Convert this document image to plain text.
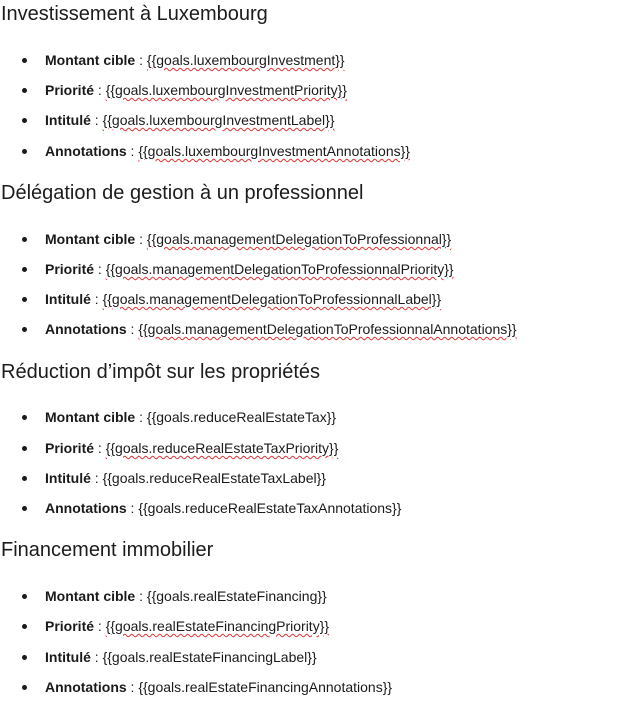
Investissement à Luxembourg
Montant cible : {{goals.luxembourgInvestment}}
Priorité : {{goals.luxembourgInvestmentPriority}}
Intitulé : {{goals.luxembourgInvestmentLabel}}
Annotations : {{goals.luxembourgInvestmentAnnotations}}
Délégation de gestion à un professionnel
Montant cible : {{goals.managementDelegationToProfessionnal}}
Priorité : {{goals.managementDelegationToProfessionnalPriority}}
Intitulé : {{goals.managementDelegationToProfessionnalLabel}}
Annotations : {{goals.managementDelegationToProfessionnalAnnotations}}
Réduction d’impôt sur les propriétés
Montant cible : {{goals.reduceRealEstateTax}}
Priorité : {{goals.reduceRealEstateTaxPriority}}
Intitulé : {{goals.reduceRealEstateTaxLabel}}
Annotations : {{goals.reduceRealEstateTaxAnnotations}}
Financement immobilier
Montant cible : {{goals.realEstateFinancing}}
Priorité : {{goals.realEstateFinancingPriority}}
Intitulé : {{goals.realEstateFinancingLabel}}
Annotations : {{goals.realEstateFinancingAnnotations}}
